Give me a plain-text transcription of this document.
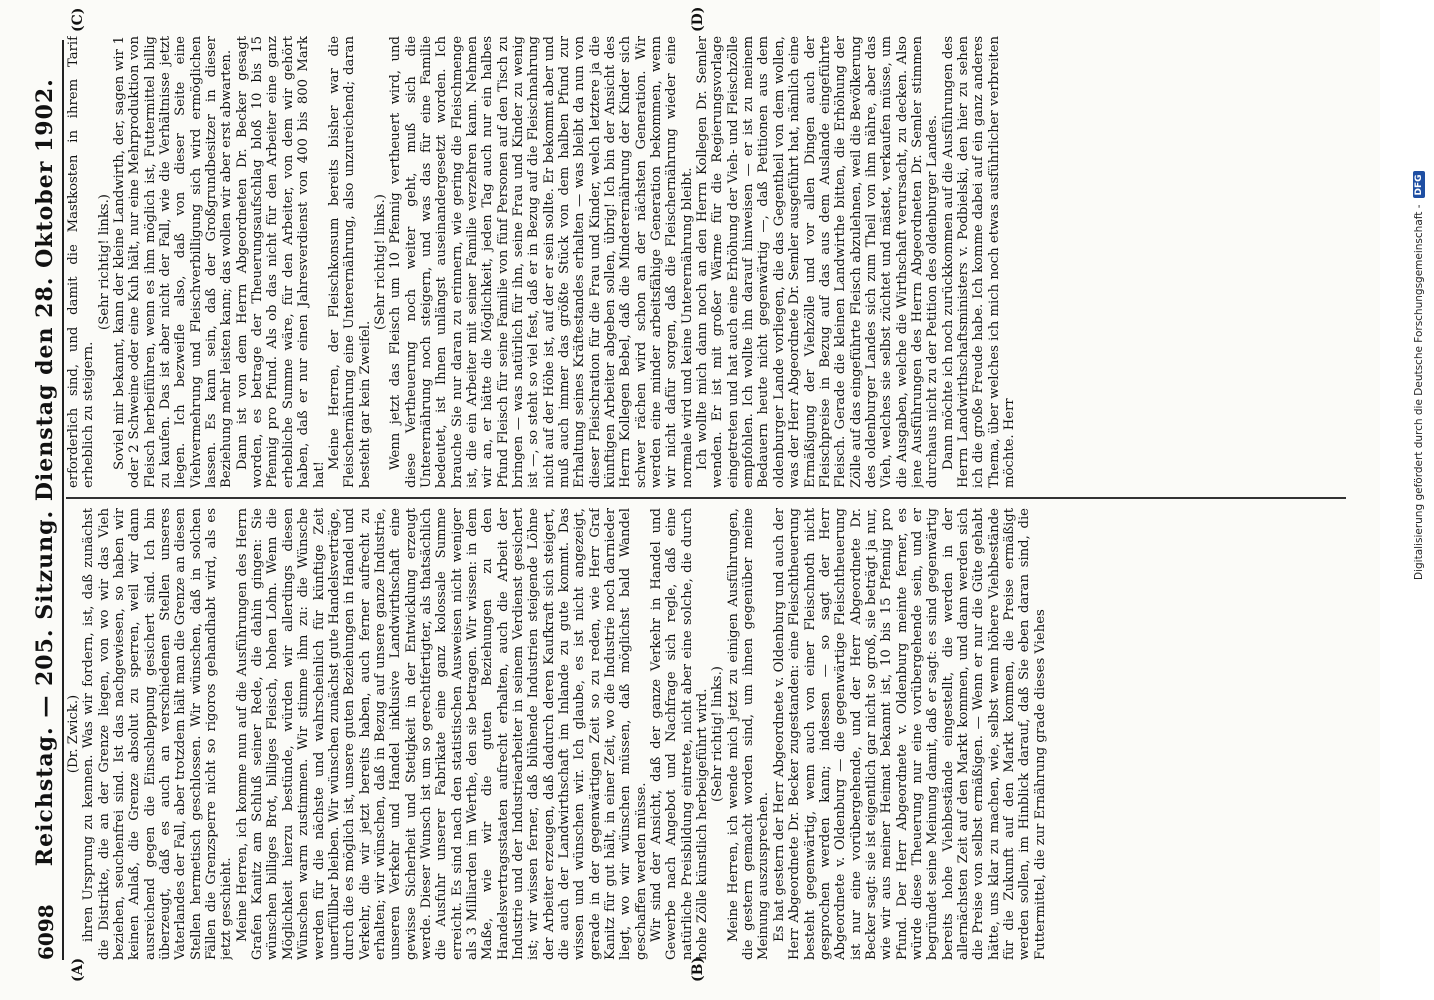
6098
Reichstag. — 205. Sitzung. Dienstag den 28. Oktober 1902.
(A)	(B)
(C)	(D)

(Dr. Zwick.) ihren Ursprung zu kennen. Was wir fordern, ist, daß zunächst die Distrikte, die an der Grenze liegen, von wo wir das Vieh beziehen, seuchenfrei sind. Ist das nachgewiesen, so haben wir keinen Anlaß, die Grenze absolut zu sperren, weil wir dann ausreichend gegen die Einschleppung gesichert sind. Ich bin überzeugt, daß es auch an verschiedenen Stellen unseres Vaterlandes der Fall, aber trotzdem hält man die Grenze an diesen Stellen hermetisch geschlossen. Wir wünschen, daß in solchen Fällen die Grenzsperre nicht so rigoros gehandhabt wird, als es jetzt geschieht. Meine Herren, ich komme nun auf die Ausführungen des Herrn Grafen Kanitz am Schluß seiner Rede, die dahin gingen: Sie wünschen billiges Brot, billiges Fleisch, hohen Lohn. Wenn die Möglichkeit hierzu bestünde, würden wir allerdings diesen Wünschen warm zustimmen. Wir stimme ihm zu: die Wünsche werden für die nächste und wahrscheinlich für künftige Zeit unerfüllbar bleiben. Wir wünschen zunächst gute Handelsverträge, durch die es möglich ist, unsere guten Beziehungen in Handel und Verkehr, die wir jetzt bereits haben, auch ferner aufrecht zu erhalten; wir wünschen, daß in Bezug auf unsere ganze Industrie, unseren Verkehr und Handel inklusive Landwirthschaft eine gewisse Sicherheit und Stetigkeit in der Entwicklung erzeugt werde. Dieser Wunsch ist um so gerechtfertigter, als thatsächlich die Ausfuhr unserer Fabrikate eine ganz kolossale Summe erreicht. Es sind nach den statistischen Ausweisen nicht weniger als 3 Milliarden im Werthe, den sie betragen. Wir wissen: in dem Maße, wie wir die guten Beziehungen zu den Handelsvertragsstaaten aufrecht erhalten, auch die Arbeit der Industrie und der Industriearbeiter in seinem Verdienst gesichert ist; wir wissen ferner, daß blühende Industrien steigende Löhne der Arbeiter erzeugen, daß dadurch deren Kaufkraft sich steigert, die auch der Landwirthschaft im Inlande zu gute kommt. Das wissen und wünschen wir. Ich glaube, es ist nicht angezeigt, gerade in der gegenwärtigen Zeit so zu reden, wie Herr Graf Kanitz für gut hält, in einer Zeit, wo die Industrie noch darnieder liegt, wo wir wünschen müssen, daß möglichst bald Wandel geschaffen werden müsse. Wir sind der Ansicht, daß der ganze Verkehr in Handel und Gewerbe nach Angebot und Nachfrage sich regle, daß eine natürliche Preisbildung eintrete, nicht aber eine solche, die durch hohe Zölle künstlich herbeigeführt wird. (Sehr richtig! links.) Meine Herren, ich wende mich jetzt zu einigen Ausführungen, die gestern gemacht worden sind, um ihnen gegenüber meine Meinung auszusprechen. Es hat gestern der Herr Abgeordnete v. Oldenburg und auch der Herr Abgeordnete Dr. Becker zugestanden: eine Fleischtheuerung besteht gegenwärtig, wenn auch von einer Fleischnoth nicht gesprochen werden kann; indessen — so sagt der Herr Abgeordnete v. Oldenburg — die gegenwärtige Fleischtheuerung ist nur eine vorübergehende, und der Herr Abgeordnete Dr. Becker sagt: sie ist eigentlich gar nicht so groß, sie beträgt ja nur, wie wir aus meiner Heimat bekannt ist, 10 bis 15 Pfennig pro Pfund. Der Herr Abgeordnete v. Oldenburg meinte ferner, es würde diese Theuerung nur eine vorübergehende sein, und er begründet seine Meinung damit, daß er sagt: es sind gegenwärtig bereits hohe Viehbestände eingestellt, die werden in der allernächsten Zeit auf den Markt kommen, und dann werden sich die Preise von selbst ermäßigen. — Wenn er nur die Güte gehabt hätte, uns klar zu machen, wie, selbst wenn höhere Viehbestände für die Zukunft auf den Markt kommen, die Preise ermäßigt werden sollen, im Hinblick darauf, daß Sie eben daran sind, die Futtermittel, die zur Ernährung grade dieses Viehes

erforderlich sind, und damit die Mastkosten in ihrem Tarif erheblich zu steigern.

(Sehr richtig! links.) Soviel mir bekannt, kann der kleine Landwirth, der, sagen wir 1 oder 2 Schweine oder eine Kuh hält, nur eine Mehrproduktion von Fleisch herbeiführen, wenn es ihm möglich ist, Futtermittel billig zu kaufen. Das ist aber nicht der Fall, wie die Verhältnisse jetzt liegen. Ich bezweifle also, daß von dieser Seite eine Viehvermehrung und Fleischverbilligung sich wird ermöglichen lassen. Es kann sein, daß der Großgrundbesitzer in dieser Beziehung mehr leisten kann; das wollen wir aber erst abwarten. Dann ist von dem Herrn Abgeordneten Dr. Becker gesagt worden, es betrage der Theuerungsaufschlag bloß 10 bis 15 Pfennig pro Pfund. Als ob das nicht für den Arbeiter eine ganz erhebliche Summe wäre, für den Arbeiter, von dem wir gehört haben, daß er nur einen Jahresverdienst von 400 bis 800 Mark hat!

Meine Herren, der Fleischkonsum bereits bisher war die Fleischernährung eine Unterernährung, also unzureichend; daran besteht gar kein Zweifel.

(Sehr richtig! links.) Wenn jetzt das Fleisch um 10 Pfennig vertheuert wird, und diese Vertheuerung noch weiter geht, muß sich die Unterernährung noch steigern, und was das für eine Familie bedeutet, ist Ihnen unlängst auseinandergesetzt worden. Ich brauche Sie nur daran zu erinnern, wie gering die Fleischmenge ist, die ein Arbeiter mit seiner Familie verzehren kann. Nehmen wir an, er hätte die Möglichkeit, jeden Tag auch nur ein halbes Pfund Fleisch für seine Familie von fünf Personen auf den Tisch zu bringen — was natürlich für ihn, seine Frau und Kinder zu wenig ist —, so steht so viel fest, daß er in Bezug auf die Fleischnahrung nicht auf der Höhe ist, auf der er sein sollte. Er bekommt aber und muß auch immer das größte Stück von dem halben Pfund zur Erhaltung seines Kräftestandes erhalten — was bleibt da nun von dieser Fleischration für die Frau und Kinder, welch letztere ja die künftigen Arbeiter abgeben sollen, übrig! Ich bin der Ansicht des Herrn Kollegen Bebel, daß die Minderernährung der Kinder sich schwer rächen wird schon an der nächsten Generation. Wir werden eine minder arbeitsfähige Generation bekommen, wenn wir nicht dafür sorgen, daß die Fleischernährung wieder eine normale wird und keine Unterernährung bleibt. Ich wollte mich dann noch an den Herrn Kollegen Dr. Semler wenden. Er ist mit großer Wärme für die Regierungsvorlage eingetreten und hat auch eine Erhöhung der Vieh- und Fleischzölle empfohlen. Ich wollte ihn darauf hinweisen — er ist zu meinem Bedauern heute nicht gegenwärtig —, daß Petitionen aus dem oldenburger Lande vorliegen, die das Gegentheil von dem wollen, was der Herr Abgeordnete Dr. Semler ausgeführt hat, nämlich eine Ermäßigung der Viehzölle und vor allen Dingen auch der Fleischpreise in Bezug auf das aus dem Auslande eingeführte Fleisch. Gerade die kleinen Landwirthe bitten, die Erhöhung der Zölle auf das eingeführte Fleisch abzulehnen, weil die Bevölkerung des oldenburger Landes sich zum Theil von ihm nähre, aber das Vieh, welches sie selbst züchtet und mästet, verkaufen müsse, um die Ausgaben, welche die Wirthschaft verursacht, zu decken. Also jene Ausführungen des Herrn Abgeordneten Dr. Semler stimmen durchaus nicht zu der Petition des oldenburger Landes. Dann möchte ich noch zurückkommen auf die Ausführungen des Herrn Landwirthschaftsministers v. Podbielski, den hier zu sehen ich die große Freude habe. Ich komme dabei auf ein ganz anderes Thema, über welches ich mich noch etwas ausführlicher verbreiten möchte. Herr	Digitalisierung gefördert durch die Deutsche Forschungsgemeinschaft -
DFG
